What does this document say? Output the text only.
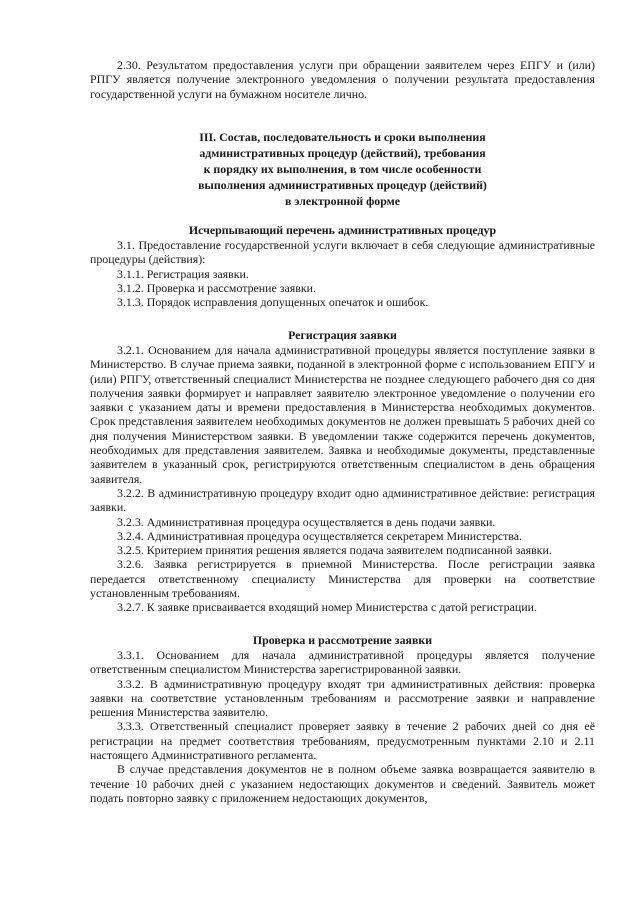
2.30. Результатом предоставления услуги при обращении заявителем через ЕПГУ и (или) РПГУ является получение электронного уведомления о получении результата предоставления государственной услуги на бумажном носителе лично.

III. Состав, последовательность и сроки выполнения
административных процедур (действий), требования
к порядку их выполнения, в том числе особенности
выполнения административных процедур (действий)
в электронной форме
Исчерпывающий перечень административных процедур

3.1. Предоставление государственной услуги включает в себя следующие административные процедуры (действия):

3.1.1. Регистрация заявки.

3.1.2. Проверка и рассмотрение заявки.

3.1.3. Порядок исправления допущенных опечаток и ошибок.

Регистрация заявки

3.2.1. Основанием для начала административной процедуры является поступление заявки в Министерство. В случае приема заявки, поданной в электронной форме с использованием ЕПГУ и (или) РПГУ, ответственный специалист Министерства не позднее следующего рабочего дня со дня получения заявки формирует и направляет заявителю электронное уведомление о получении его заявки с указанием даты и времени предоставления в Министерства необходимых документов. Срок представления заявителем необходимых документов не должен превышать 5 рабочих дней со дня получения Министерством заявки. В уведомлении также содержится перечень документов, необходимых для представления заявителем. Заявка и необходимые документы, представленные заявителем в указанный срок, регистрируются ответственным специалистом в день обращения заявителя.

3.2.2. В административную процедуру входит одно административное действие: регистрация заявки.

3.2.3. Административная процедура осуществляется в день подачи заявки.

3.2.4. Административная процедура осуществляется секретарем Министерства.

3.2.5. Критерием принятия решения является подача заявителем подписанной заявки.

3.2.6. Заявка регистрируется в приемной Министерства. После регистрации заявка передается ответственному специалисту Министерства для проверки на соответствие установленным требованиям.

3.2.7. К заявке присваивается входящий номер Министерства с датой регистрации.

Проверка и рассмотрение заявки

3.3.1. Основанием для начала административной процедуры является получение ответственным специалистом Министерства зарегистрированной заявки.

3.3.2. В административную процедуру входят три административных действия: проверка заявки на соответствие установленным требованиям и рассмотрение заявки и направление решения Министерства заявителю.

3.3.3. Ответственный специалист проверяет заявку в течение 2 рабочих дней со дня её регистрации на предмет соответствия требованиям, предусмотренным пунктами 2.10 и 2.11 настоящего Административного регламента.

В случае представления документов не в полном объеме заявка возвращается заявителю в течение 10 рабочих дней с указанием недостающих документов и сведений. Заявитель может подать повторно заявку с приложением недостающих документов,
